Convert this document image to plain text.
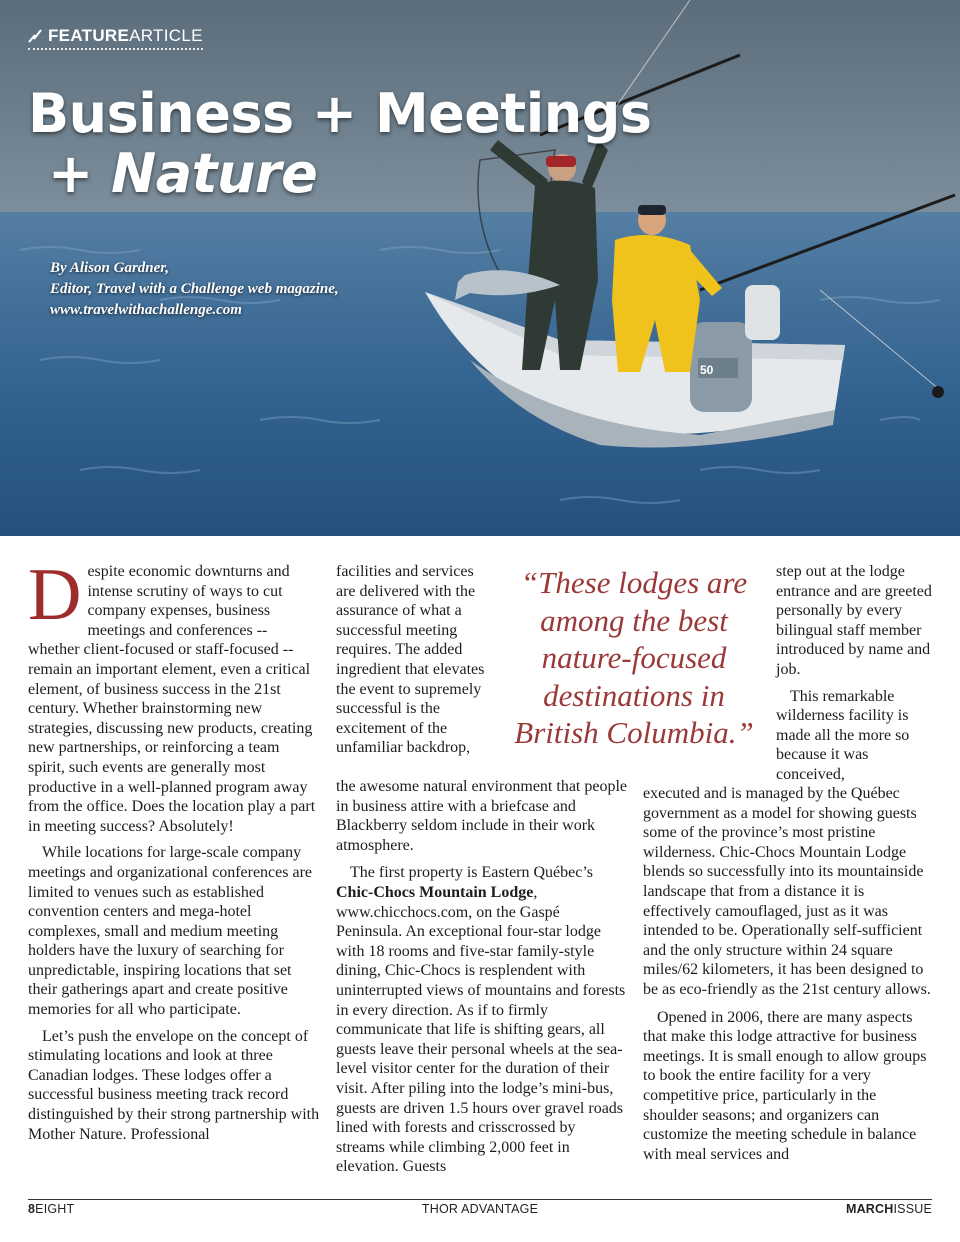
50
FEATUREARTICLE
Business + Meetings
+ Nature
By Alison Gardner,
Editor, Travel with a Challenge web magazine,
www.travelwithachallenge.com

Despite economic downturns and intense scrutiny of ways to cut company expenses, business meetings and conferences -- whether client-focused or staff-focused -- remain an important element, even a critical element, of business success in the 21st century. Whether brainstorming new strategies, discussing new products, creating new partnerships, or reinforcing a team spirit, such events are generally most productive in a well-planned program away from the office. Does the location play a part in meeting success? Absolutely!

While locations for large-scale company meetings and organizational conferences are limited to venues such as established convention centers and mega-hotel complexes, small and medium meeting holders have the luxury of searching for unpredictable, inspiring locations that set their gatherings apart and create positive memories for all who participate.

Let’s push the envelope on the concept of stimulating locations and look at three Canadian lodges. These lodges offer a successful business meeting track record distinguished by their strong partnership with Mother Nature. Professional

facilities and services are delivered with the assurance of what a successful meeting requires. The added ingredient that elevates the event to supremely successful is the excitement of the unfamiliar backdrop,

the awesome natural environment that people in business attire with a briefcase and Blackberry seldom include in their work atmosphere.

The first property is Eastern Québec’s Chic-Chocs Mountain Lodge, www.chicchocs.com, on the Gaspé Peninsula. An exceptional four-star lodge with 18 rooms and five-star family-style dining, Chic-Chocs is resplendent with uninterrupted views of mountains and forests in every direction. As if to firmly communicate that life is shifting gears, all guests leave their personal wheels at the sea-level visitor center for the duration of their visit. After piling into the lodge’s mini-bus, guests are driven 1.5 hours over gravel roads lined with forests and crisscrossed by streams while climbing 2,000 feet in elevation. Guests

“These lodges are among the best nature-focused destinations in British Columbia.”

step out at the lodge entrance and are greeted personally by every bilingual staff member introduced by name and job.

This remarkable wilderness facility is made all the more so because it was conceived,

executed and is managed by the Québec government as a model for showing guests some of the province’s most pristine wilderness. Chic-Chocs Mountain Lodge blends so successfully into its mountainside landscape that from a distance it is effectively camouflaged, just as it was intended to be. Operationally self-sufficient and the only structure within 24 square miles/62 kilometers, it has been designed to be as eco-friendly as the 21st century allows.

Opened in 2006, there are many aspects that make this lodge attractive for business meetings. It is small enough to allow groups to book the entire facility for a very competitive price, particularly in the shoulder seasons; and organizers can customize the meeting schedule in balance with meal services and

8EIGHT	THOR ADVANTAGE	MARCHISSUE
